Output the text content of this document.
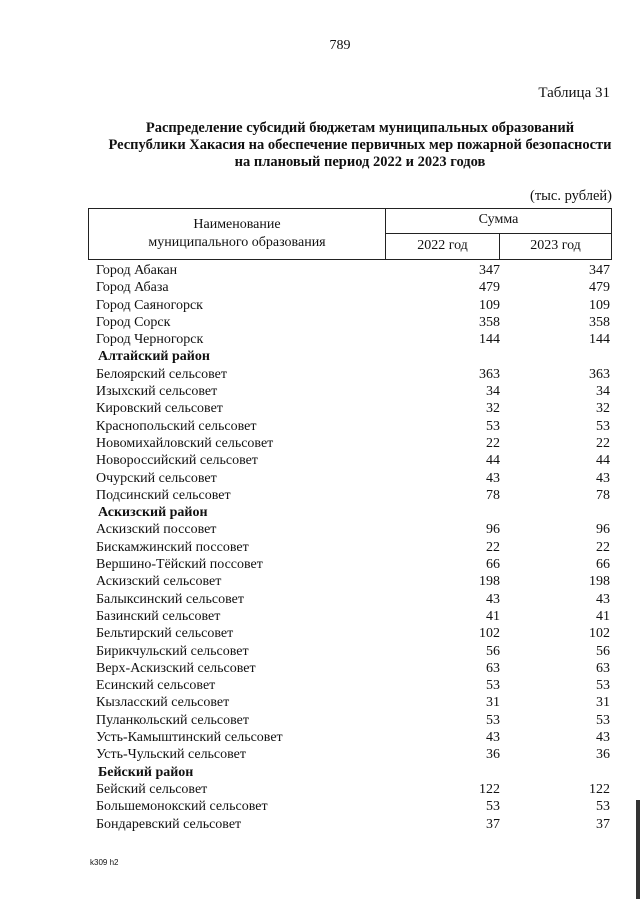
789
Таблица 31
Распределение субсидий бюджетам муниципальных образований
Республики Хакасия на обеспечение первичных мер пожарной безопасности
на плановый период 2022 и 2023 годов
(тыс. рублей)
Наименование
муниципального образования
Сумма
2022 год	2023 год
Город Абакан	347	347
Город Абаза	479	479
Город Саяногорск	109	109
Город Сорск	358	358
Город Черногорск	144	144
Алтайский район
Белоярский сельсовет	363	363
Изыхский сельсовет	34	34
Кировский сельсовет	32	32
Краснопольский сельсовет	53	53
Новомихайловский сельсовет	22	22
Новороссийский сельсовет	44	44
Очурский сельсовет	43	43
Подсинский сельсовет	78	78
Аскизский район
Аскизский поссовет	96	96
Бискамжинский поссовет	22	22
Вершино-Тёйский поссовет	66	66
Аскизский сельсовет	198	198
Балыксинский сельсовет	43	43
Базинский сельсовет	41	41
Бельтирский сельсовет	102	102
Бирикчульский сельсовет	56	56
Верх-Аскизский сельсовет	63	63
Есинский сельсовет	53	53
Кызласский сельсовет	31	31
Пуланкольский сельсовет	53	53
Усть-Камыштинский сельсовет	43	43
Усть-Чульский сельсовет	36	36
Бейский район
Бейский сельсовет	122	122
Большемонокский сельсовет	53	53
Бондаревский сельсовет	37	37
k309 h2
